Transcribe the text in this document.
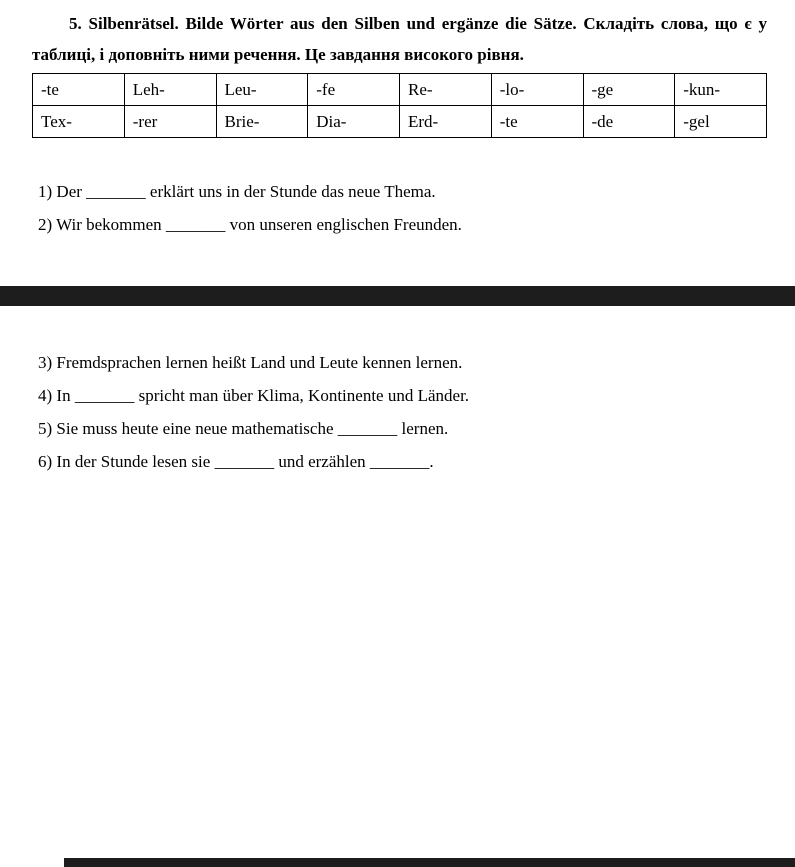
5. Silbenrätsel. Bilde Wörter aus den Silben und ergänze die Sätze. Складіть слова, що є у таблиці, і доповніть ними речення. Це завдання високого рівня.

-te	Leh-	Leu-	-fe	Re-	-lo-	-ge	-kun-
Tex-	-rer	Brie-	Dia-	Erd-	-te	-de	-gel

1) Der _______ erklärt uns in der Stunde das neue Thema.

2) Wir bekommen _______ von unseren englischen Freunden.

3) Fremdsprachen lernen heißt Land und Leute kennen lernen.

4) In _______ spricht man über Klima, Kontinente und Länder.

5) Sie muss heute eine neue mathematische _______ lernen.

6) In der Stunde lesen sie _______ und erzählen _______.
